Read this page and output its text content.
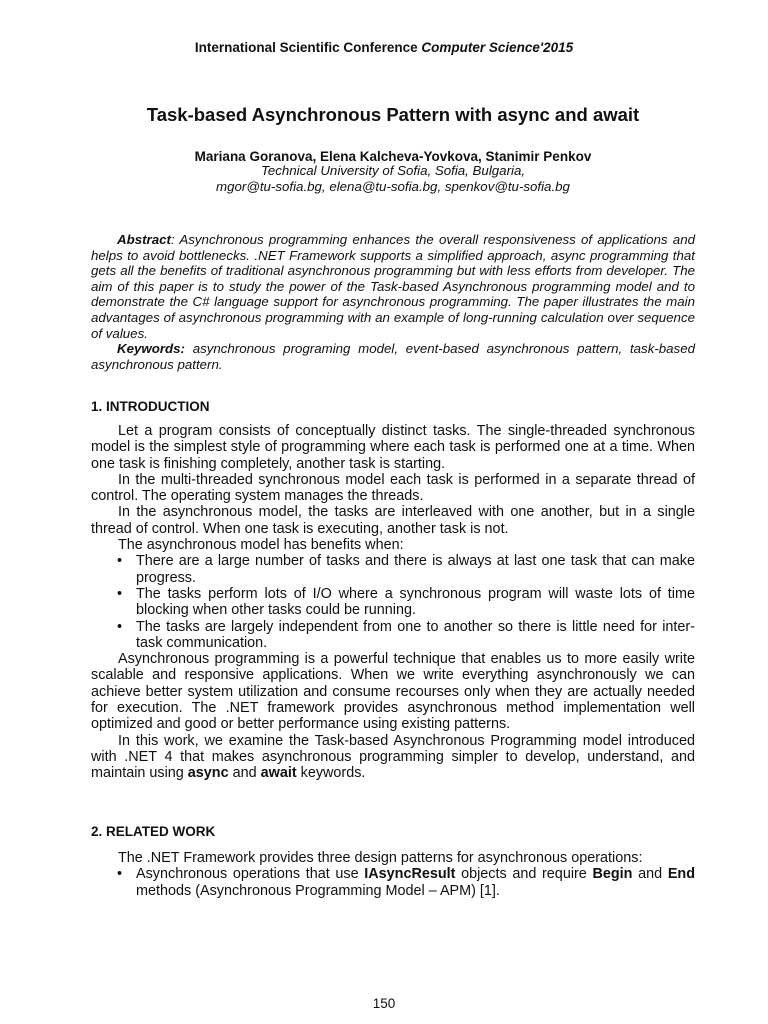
International Scientific Conference Computer Science'2015
Task-based Asynchronous Pattern with async and await
Mariana Goranova, Elena Kalcheva-Yovkova, Stanimir Penkov
Technical University of Sofia, Sofia, Bulgaria,
mgor@tu-sofia.bg, elena@tu-sofia.bg, spenkov@tu-sofia.bg

Abstract: Asynchronous programming enhances the overall responsiveness of applications and helps to avoid bottlenecks. .NET Framework supports a simplified approach, async programming that gets all the benefits of traditional asynchronous programming but with less efforts from developer. The aim of this paper is to study the power of the Task-based Asynchronous programming model and to demonstrate the C# language support for asynchronous programming. The paper illustrates the main advantages of asynchronous programming with an example of long-running calculation over sequence of values.

Keywords: asynchronous programing model, event-based asynchronous pattern, task-based asynchronous pattern.

1. INTRODUCTION

Let a program consists of conceptually distinct tasks. The single-threaded synchronous model is the simplest style of programming where each task is performed one at a time. When one task is finishing completely, another task is starting.

In the multi-threaded synchronous model each task is performed in a separate thread of control. The operating system manages the threads.

In the asynchronous model, the tasks are interleaved with one another, but in a single thread of control. When one task is executing, another task is not.

The asynchronous model has benefits when:

• There are a large number of tasks and there is always at last one task that can make progress.
• The tasks perform lots of I/O where a synchronous program will waste lots of time blocking when other tasks could be running.
• The tasks are largely independent from one to another so there is little need for inter-task communication.

Asynchronous programming is a powerful technique that enables us to more easily write scalable and responsive applications. When we write everything asynchronously we can achieve better system utilization and consume recourses only when they are actually needed for execution. The .NET framework provides asynchronous method implementation well optimized and good or better performance using existing patterns.

In this work, we examine the Task-based Asynchronous Programming model introduced with .NET 4 that makes asynchronous programming simpler to develop, understand, and maintain using async and await keywords.

2. RELATED WORK

The .NET Framework provides three design patterns for asynchronous operations:

• Asynchronous operations that use IAsyncResult objects and require Begin and End methods (Asynchronous Programming Model – APM) [1].
150
